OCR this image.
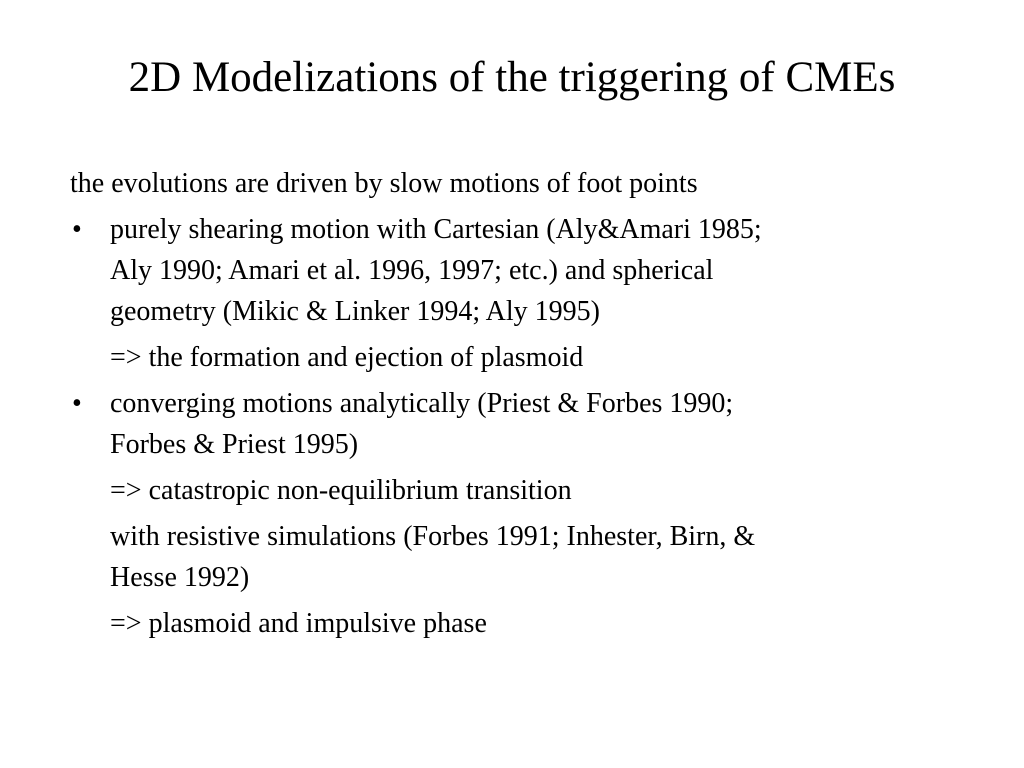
2D Modelizations of the triggering of CMEs
the evolutions are driven by slow motions of foot points
• purely shearing motion with Cartesian (Aly&Amari 1985;
Aly 1990; Amari et al. 1996, 1997; etc.) and spherical
geometry (Mikic & Linker 1994; Aly 1995)
=> the formation and ejection of plasmoid
• converging motions analytically (Priest & Forbes 1990;
Forbes & Priest 1995)
=> catastropic non-equilibrium transition
with resistive simulations (Forbes 1991; Inhester, Birn, &
Hesse 1992)
=> plasmoid and impulsive phase
